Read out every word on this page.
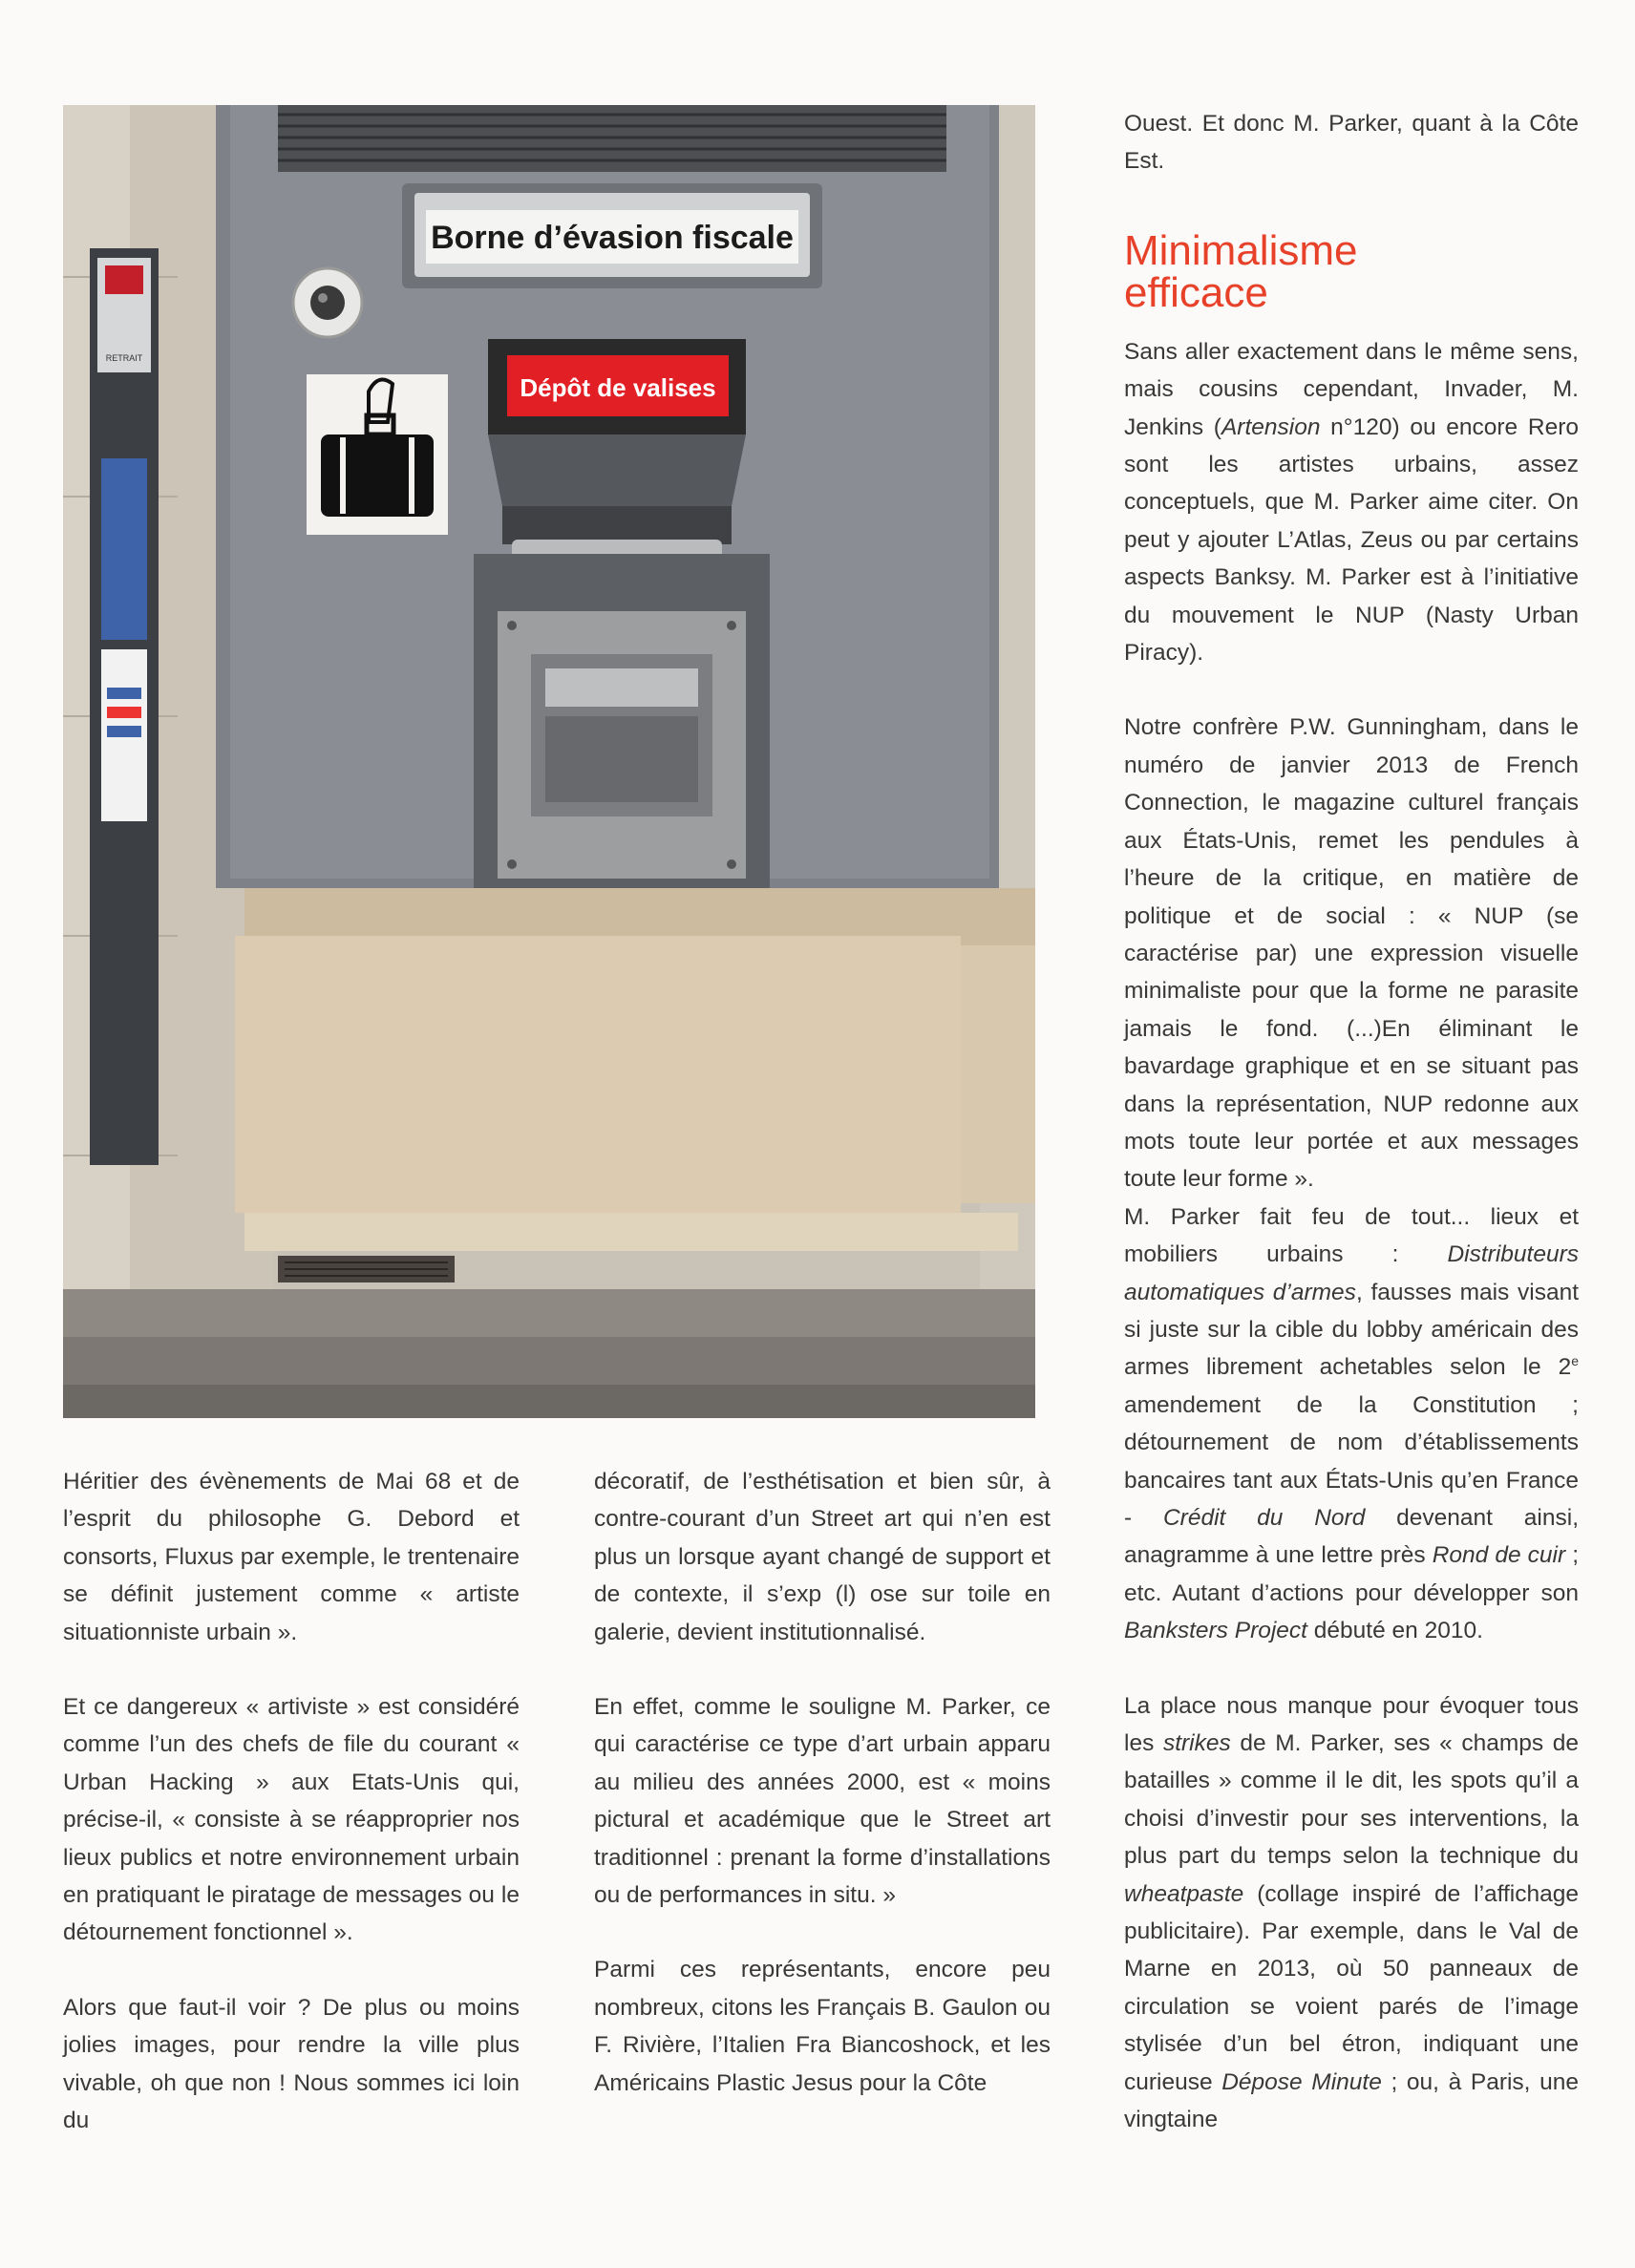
Borne d’évasion fiscale
Dépôt de valises
RETRAIT

Héritier des évènements de Mai 68 et de l’esprit du philosophe G. Debord et consorts, Fluxus par exemple, le trentenaire se définit justement comme « artiste situationniste urbain ».

Et ce dangereux « artiviste » est considéré comme l’un des chefs de file du courant « Urban Hacking » aux Etats-Unis qui, précise-il, « consiste à se réapproprier nos lieux publics et notre environnement urbain en pratiquant le piratage de messages ou le détournement fonctionnel ».

Alors que faut-il voir ? De plus ou moins jolies images, pour rendre la ville plus vivable, oh que non ! Nous sommes ici loin du

décoratif, de l’esthétisation et bien sûr, à contre-courant d’un Street art qui n’en est plus un lorsque ayant changé de support et de contexte, il s’exp (l) ose sur toile en galerie, devient institutionnalisé.

En effet, comme le souligne M. Parker, ce qui caractérise ce type d’art urbain apparu au milieu des années 2000, est « moins pictural et académique que le Street art traditionnel : prenant la forme d’installations ou de performances in situ. »

Parmi ces représentants, encore peu nombreux, citons les Français B. Gaulon ou F. Rivière, l’Italien Fra Biancoshock, et les Américains Plastic Jesus pour la Côte

Ouest. Et donc M. Parker, quant à la Côte Est.

Minimalisme
efficace

Sans aller exactement dans le même sens, mais cousins cependant, Invader, M. Jenkins (Artension n°120) ou encore Rero sont les artistes urbains, assez conceptuels, que M. Parker aime citer. On peut y ajouter L’Atlas, Zeus ou par certains aspects Banksy. M. Parker est à l’initiative du mouvement le NUP (Nasty Urban Piracy).

Notre confrère P.W. Gunningham, dans le numéro de janvier 2013 de French Connection, le magazine culturel français aux États-Unis, remet les pendules à l’heure de la critique, en matière de politique et de social : « NUP (se caractérise par) une expression visuelle minimaliste pour que la forme ne parasite jamais le fond. (...)En éliminant le bavardage graphique et en se situant pas dans la représentation, NUP redonne aux mots toute leur portée et aux messages toute leur forme ».

M. Parker fait feu de tout... lieux et mobiliers urbains : Distributeurs automatiques d’armes, fausses mais visant si juste sur la cible du lobby américain des armes librement achetables selon le 2e amendement de la Constitution ; détournement de nom d’établissements bancaires tant aux États-Unis qu’en France - Crédit du Nord devenant ainsi, anagramme à une lettre près Rond de cuir ; etc. Autant d’actions pour développer son Banksters Project débuté en 2010.

La place nous manque pour évoquer tous les strikes de M. Parker, ses « champs de batailles » comme il le dit, les spots qu’il a choisi d’investir pour ses interventions, la plus part du temps selon la technique du wheatpaste (collage inspiré de l’affichage publicitaire). Par exemple, dans le Val de Marne en 2013, où 50 panneaux de circulation se voient parés de l’image stylisée d’un bel étron, indiquant une curieuse Dépose Minute ; ou, à Paris, une vingtaine
